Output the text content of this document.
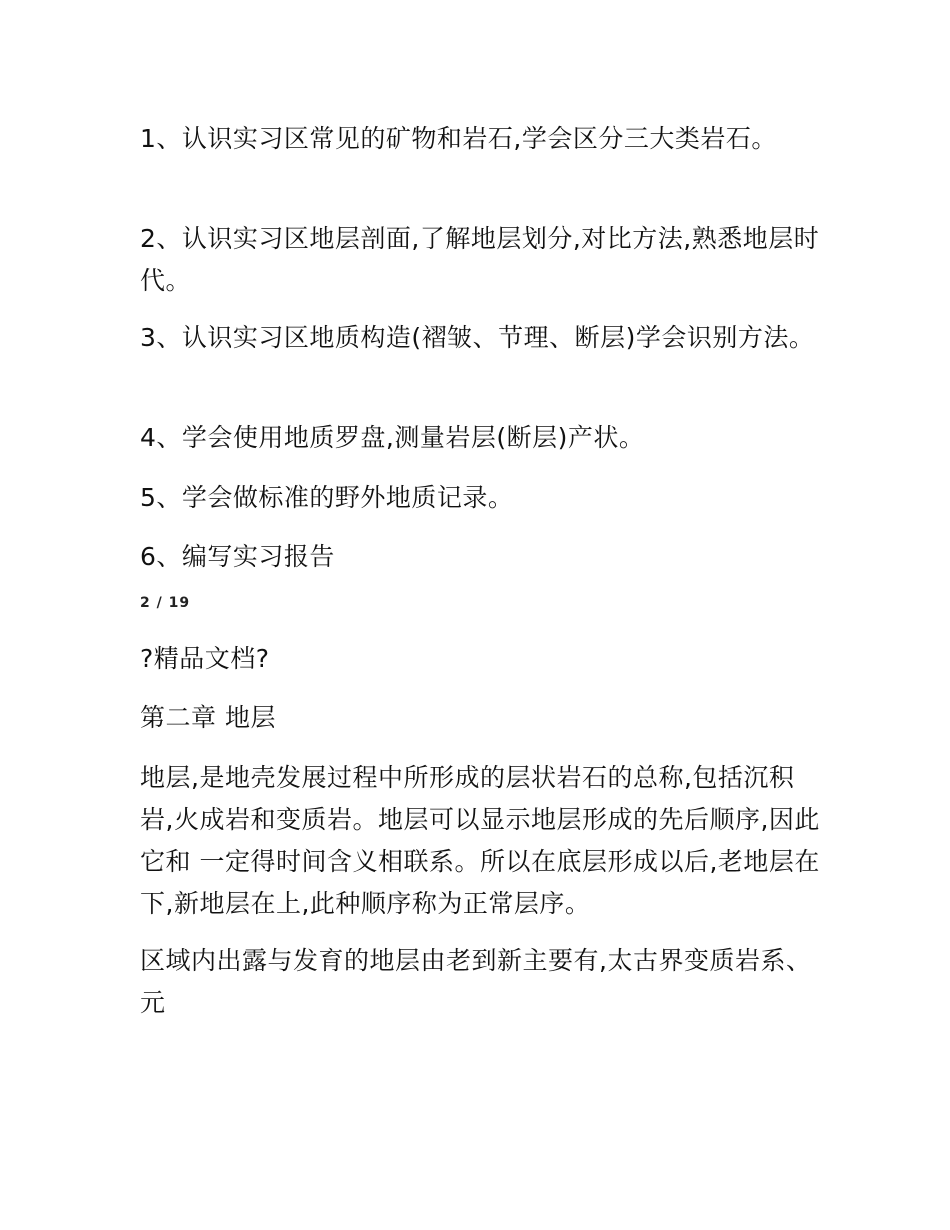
1、认识实习区常见的矿物和岩石,学会区分三大类岩石。

2、认识实习区地层剖面,了解地层划分,对比方法,熟悉地层时代。

3、认识实习区地质构造(褶皱、节理、断层)学会识别方法。

4、学会使用地质罗盘,测量岩层(断层)产状。

5、学会做标准的野外地质记录。

6、编写实习报告

2 / 19

?精品文档?

第二章 地层

地层,是地壳发展过程中所形成的层状岩石的总称,包括沉积岩,火成岩和变质岩。地层可以显示地层形成的先后顺序,因此它和 一定得时间含义相联系。所以在底层形成以后,老地层在下,新地层在上,此种顺序称为正常层序。

区域内出露与发育的地层由老到新主要有,太古界变质岩系、元
